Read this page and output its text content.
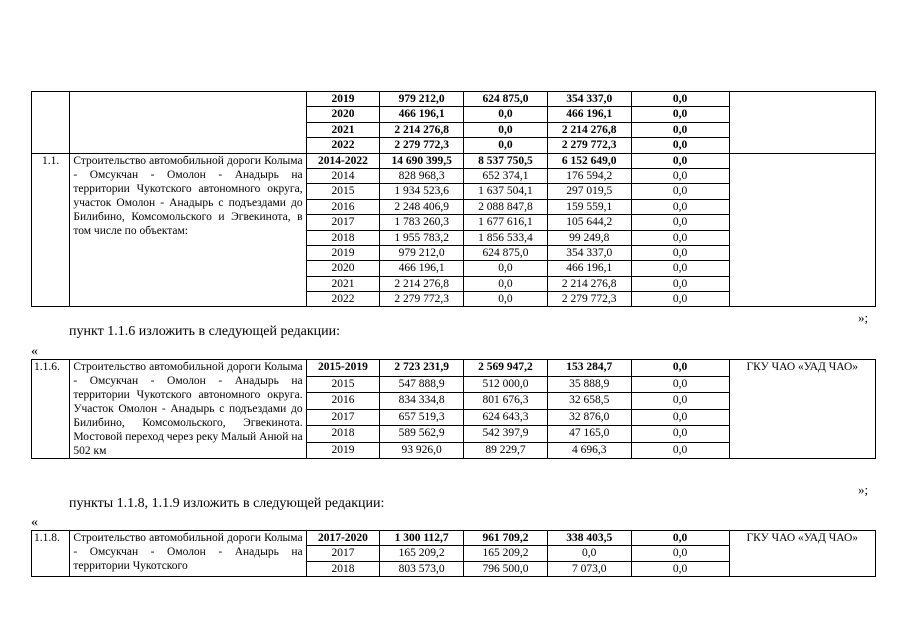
		2019	979 212,0	624 875,0	354 337,0	0,0	
		2020	466 196,1	0,0	466 196,1	0,0	
		2021	2 214 276,8	0,0	2 214 276,8	0,0	
		2022	2 279 772,3	0,0	2 279 772,3	0,0	
1.1.	Строительство автомобильной дороги Колыма - Омсукчан - Омолон - Анадырь на территории Чукотского автономного округа, участок Омолон - Анадырь с подъездами до Билибино, Комсомольского и Эгвекинота, в том числе по объектам:	2014-2022	14 690 399,5	8 537 750,5	6 152 649,0	0,0	
		2014	828 968,3	652 374,1	176 594,2	0,0	
		2015	1 934 523,6	1 637 504,1	297 019,5	0,0	
		2016	2 248 406,9	2 088 847,8	159 559,1	0,0	
		2017	1 783 260,3	1 677 616,1	105 644,2	0,0	
		2018	1 955 783,2	1 856 533,4	99 249,8	0,0	
		2019	979 212,0	624 875,0	354 337,0	0,0	
		2020	466 196,1	0,0	466 196,1	0,0	
		2021	2 214 276,8	0,0	2 214 276,8	0,0	
		2022	2 279 772,3	0,0	2 279 772,3	0,0	
»;
пункт 1.1.6 изложить в следующей редакции:
«
1.1.6.	Строительство автомобильной дороги Колыма - Омсукчан - Омолон - Анадырь на территории Чукотского автономного округа. Участок Омолон - Анадырь с подъездами до Билибино, Комсомольского, Эгвекинота. Мостовой переход через реку Малый Анюй на 502 км	2015-2019	2 723 231,9	2 569 947,2	153 284,7	0,0	ГКУ ЧАО «УАД ЧАО»
		2015	547 888,9	512 000,0	35 888,9	0,0	
		2016	834 334,8	801 676,3	32 658,5	0,0	
		2017	657 519,3	624 643,3	32 876,0	0,0	
		2018	589 562,9	542 397,9	47 165,0	0,0	
		2019	93 926,0	89 229,7	4 696,3	0,0	
»;
пункты 1.1.8, 1.1.9 изложить в следующей редакции:
«
1.1.8.	Строительство автомобильной дороги Колыма - Омсукчан - Омолон - Анадырь на территории Чукотского	2017-2020	1 300 112,7	961 709,2	338 403,5	0,0	ГКУ ЧАО «УАД ЧАО»
		2017	165 209,2	165 209,2	0,0	0,0	
		2018	803 573,0	796 500,0	7 073,0	0,0	
